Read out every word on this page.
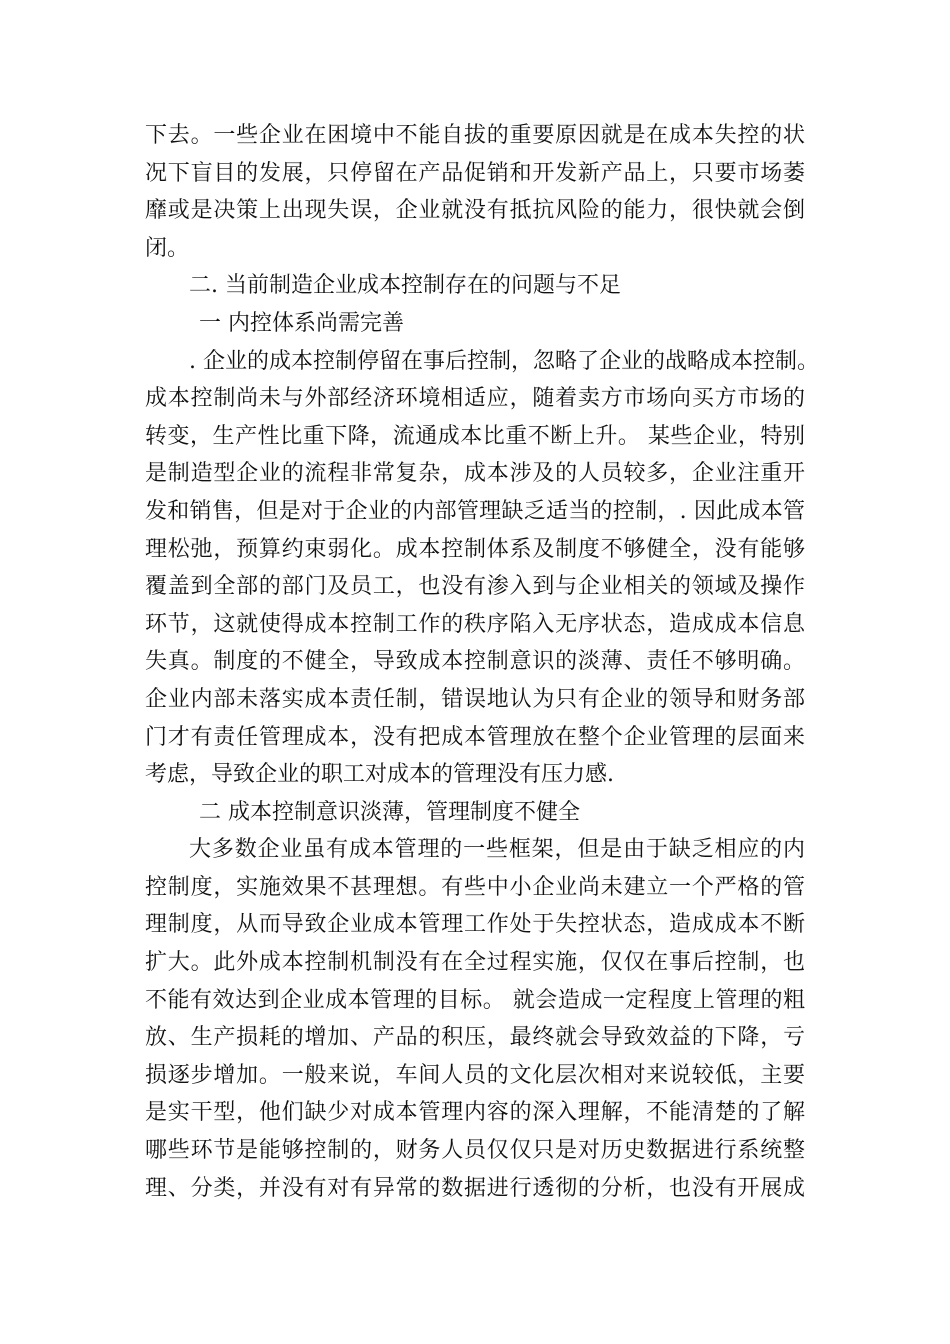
下去。一些企业在困境中不能自拔的重要原因就是在成本失控的状
况下盲目的发展，只停留在产品促销和开发新产品上，只要市场萎
靡或是决策上出现失误，企业就没有抵抗风险的能力，很快就会倒
闭。
二. 当前制造企业成本控制存在的问题与不足
一 内控体系尚需完善
. 企业的成本控制停留在事后控制，忽略了企业的战略成本控制。
成本控制尚未与外部经济环境相适应，随着卖方市场向买方市场的
转变，生产性比重下降，流通成本比重不断上升。 某些企业，特别
是制造型企业的流程非常复杂，成本涉及的人员较多，企业注重开
发和销售，但是对于企业的内部管理缺乏适当的控制，. 因此成本管
理松弛，预算约束弱化。成本控制体系及制度不够健全，没有能够
覆盖到全部的部门及员工，也没有渗入到与企业相关的领域及操作
环节，这就使得成本控制工作的秩序陷入无序状态，造成成本信息
失真。制度的不健全，导致成本控制意识的淡薄、责任不够明确。
企业内部未落实成本责任制，错误地认为只有企业的领导和财务部
门才有责任管理成本，没有把成本管理放在整个企业管理的层面来
考虑，导致企业的职工对成本的管理没有压力感.
二 成本控制意识淡薄，管理制度不健全
大多数企业虽有成本管理的一些框架，但是由于缺乏相应的内
控制度，实施效果不甚理想。有些中小企业尚未建立一个严格的管
理制度，从而导致企业成本管理工作处于失控状态，造成成本不断
扩大。此外成本控制机制没有在全过程实施，仅仅在事后控制，也
不能有效达到企业成本管理的目标。 就会造成一定程度上管理的粗
放、生产损耗的增加、产品的积压，最终就会导致效益的下降，亏
损逐步增加。一般来说，车间人员的文化层次相对来说较低，主要
是实干型，他们缺少对成本管理内容的深入理解，不能清楚的了解
哪些环节是能够控制的，财务人员仅仅只是对历史数据进行系统整
理、分类，并没有对有异常的数据进行透彻的分析，也没有开展成
